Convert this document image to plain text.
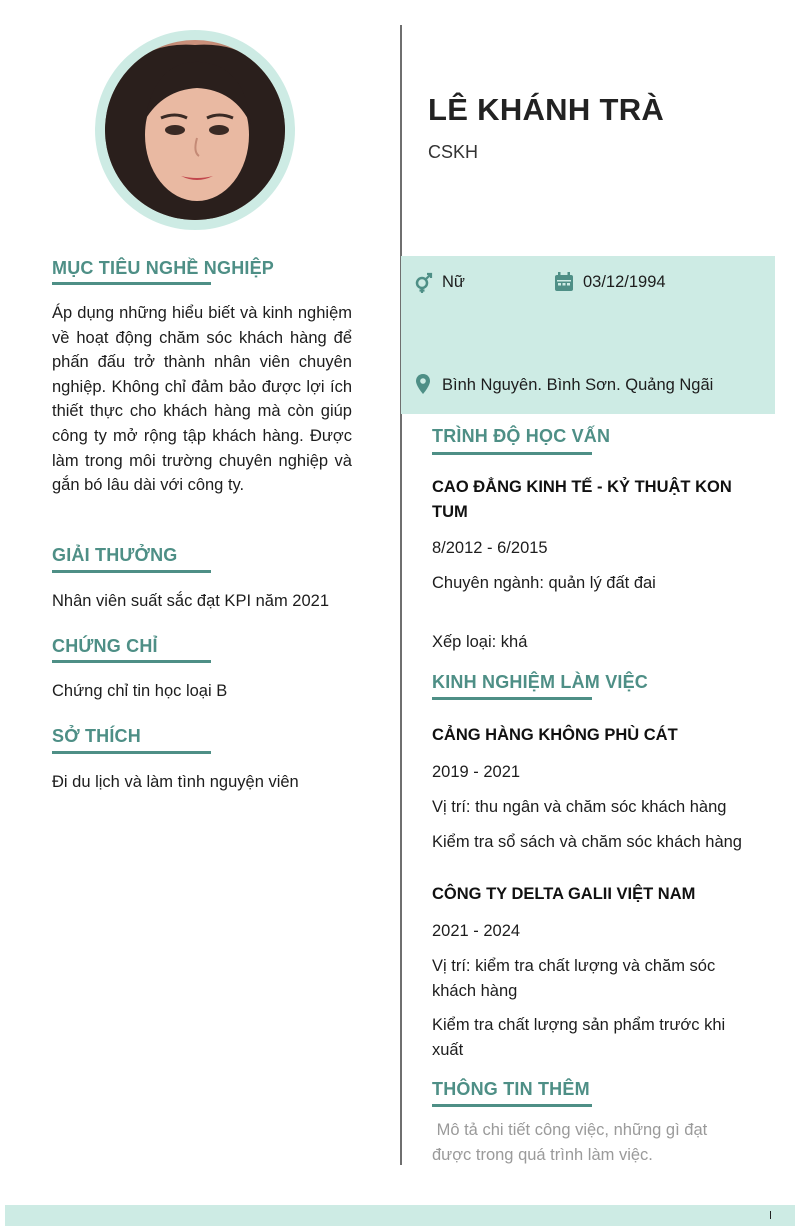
MỤC TIÊU NGHỀ NGHIỆP
Áp dụng những hiểu biết và kinh nghiệm về hoạt động chăm sóc khách hàng để phấn đấu trở thành nhân viên chuyên nghiệp. Không chỉ đảm bảo được lợi ích thiết thực cho khách hàng mà còn giúp công ty mở rộng tập khách hàng. Được làm trong môi trường chuyên nghiệp và gắn bó lâu dài với công ty.
GIẢI THƯỞNG
Nhân viên suất sắc đạt KPI năm 2021
CHỨNG CHỈ
Chứng chỉ tin học loại B
SỞ THÍCH
Đi du lịch và làm tình nguyện viên
LÊ KHÁNH TRÀ
CSKH
Nữ	03/12/1994
Bình Nguyên. Bình Sơn. Quảng Ngãi
TRÌNH ĐỘ HỌC VẤN
CAO ĐẲNG KINH TẾ - KỶ THUẬT KON TUM
8/2012 - 6/2015
Chuyên ngành: quản lý đất đai
Xếp loại: khá
KINH NGHIỆM LÀM VIỆC
CẢNG HÀNG KHÔNG PHÙ CÁT
2019 - 2021
Vị trí: thu ngân và chăm sóc khách hàng
Kiểm tra sổ sách và chăm sóc khách hàng
CÔNG TY DELTA GALII VIỆT NAM
2021 - 2024
Vị trí: kiểm tra chất lượng và chăm sóc khách hàng
Kiểm tra chất lượng sản phẩm trước khi xuất
THÔNG TIN THÊM
Mô tả chi tiết công việc, những gì đạt được trong quá trình làm việc.
